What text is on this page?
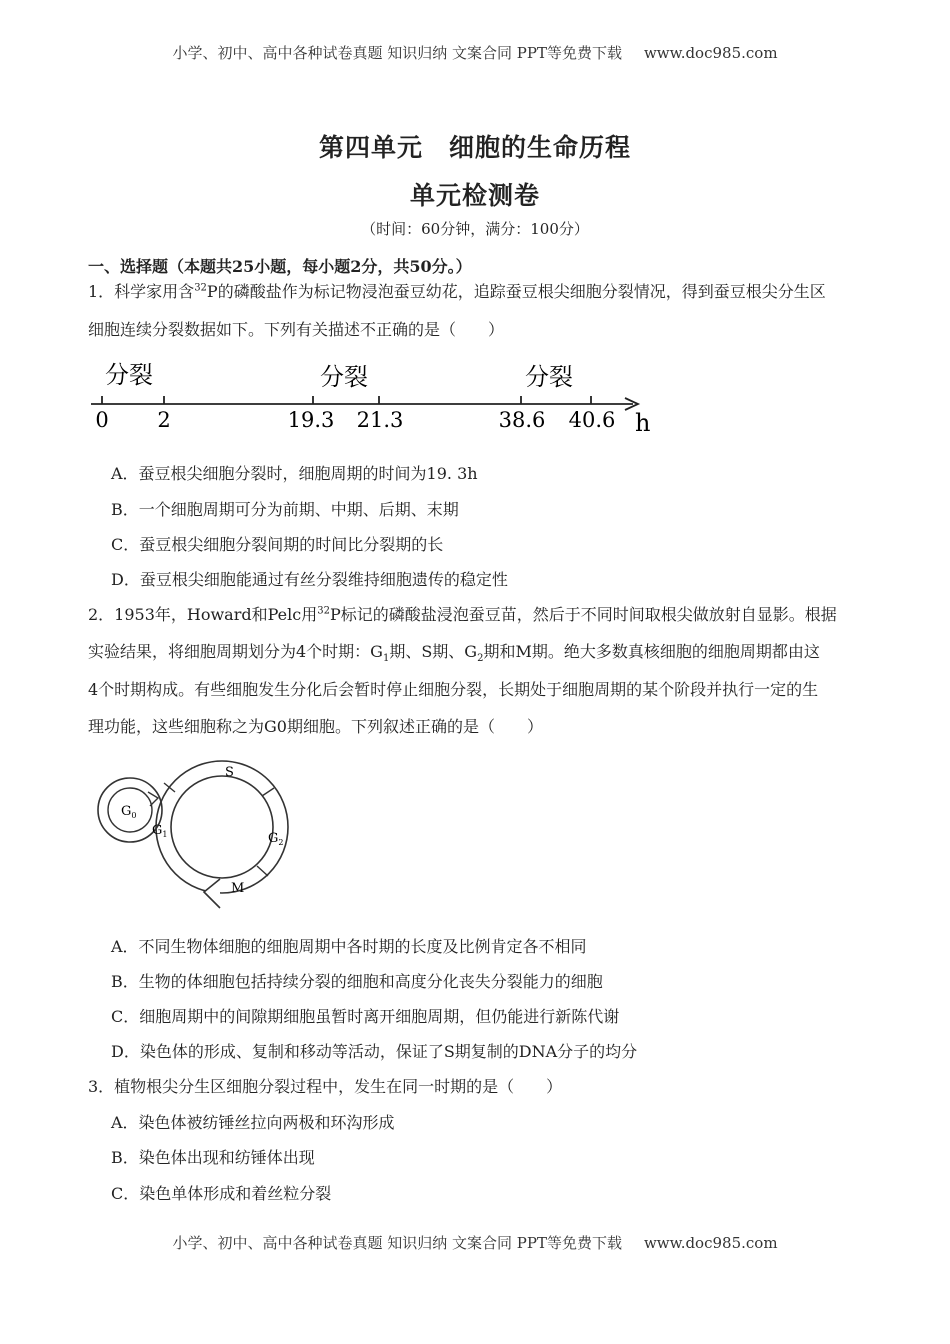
小学、初中、高中各种试卷真题 知识归纳 文案合同 PPT等免费下载 www.doc985.com
第四单元　细胞的生命历程
单元检测卷
（时间：60分钟，满分：100分）
一、选择题（本题共25小题，每小题2分，共50分。）
1．科学家用含$^{32}$P的磷酸盐作为标记物浸泡蚕豆幼花，追踪蚕豆根尖细胞分裂情况，得到蚕豆根尖分生区
细胞连续分裂数据如下。下列有关描述不正确的是（　　）
分裂	分裂	分裂
0 2	19.3 21.3	38.6 40.6 h
A．蚕豆根尖细胞分裂时，细胞周期的时间为19. 3h
B．一个细胞周期可分为前期、中期、后期、末期
C．蚕豆根尖细胞分裂间期的时间比分裂期的长
D．蚕豆根尖细胞能通过有丝分裂维持细胞遗传的稳定性
2．1953年，Howard和Pelc用$^{32}$P标记的磷酸盐浸泡蚕豆苗，然后于不同时间取根尖做放射自显影。根据
实验结果，将细胞周期划分为4个时期：$G_1$期、S期、$G_2$期和M期。绝大多数真核细胞的细胞周期都由这
4个时期构成。有些细胞发生分化后会暂时停止细胞分裂，长期处于细胞周期的某个阶段并执行一定的生
理功能，这些细胞称之为G0期细胞。下列叙述正确的是（　　）
$G_0$
$G_1$	$G_2$
S
M
A．不同生物体细胞的细胞周期中各时期的长度及比例肯定各不相同
B．生物的体细胞包括持续分裂的细胞和高度分化丧失分裂能力的细胞
C．细胞周期中的间隙期细胞虽暂时离开细胞周期，但仍能进行新陈代谢
D．染色体的形成、复制和移动等活动，保证了S期复制的DNA分子的均分
3．植物根尖分生区细胞分裂过程中，发生在同一时期的是（　　）
A．染色体被纺锤丝拉向两极和环沟形成
B．染色体出现和纺锤体出现
C．染色单体形成和着丝粒分裂
小学、初中、高中各种试卷真题 知识归纳 文案合同 PPT等免费下载 www.doc985.com
